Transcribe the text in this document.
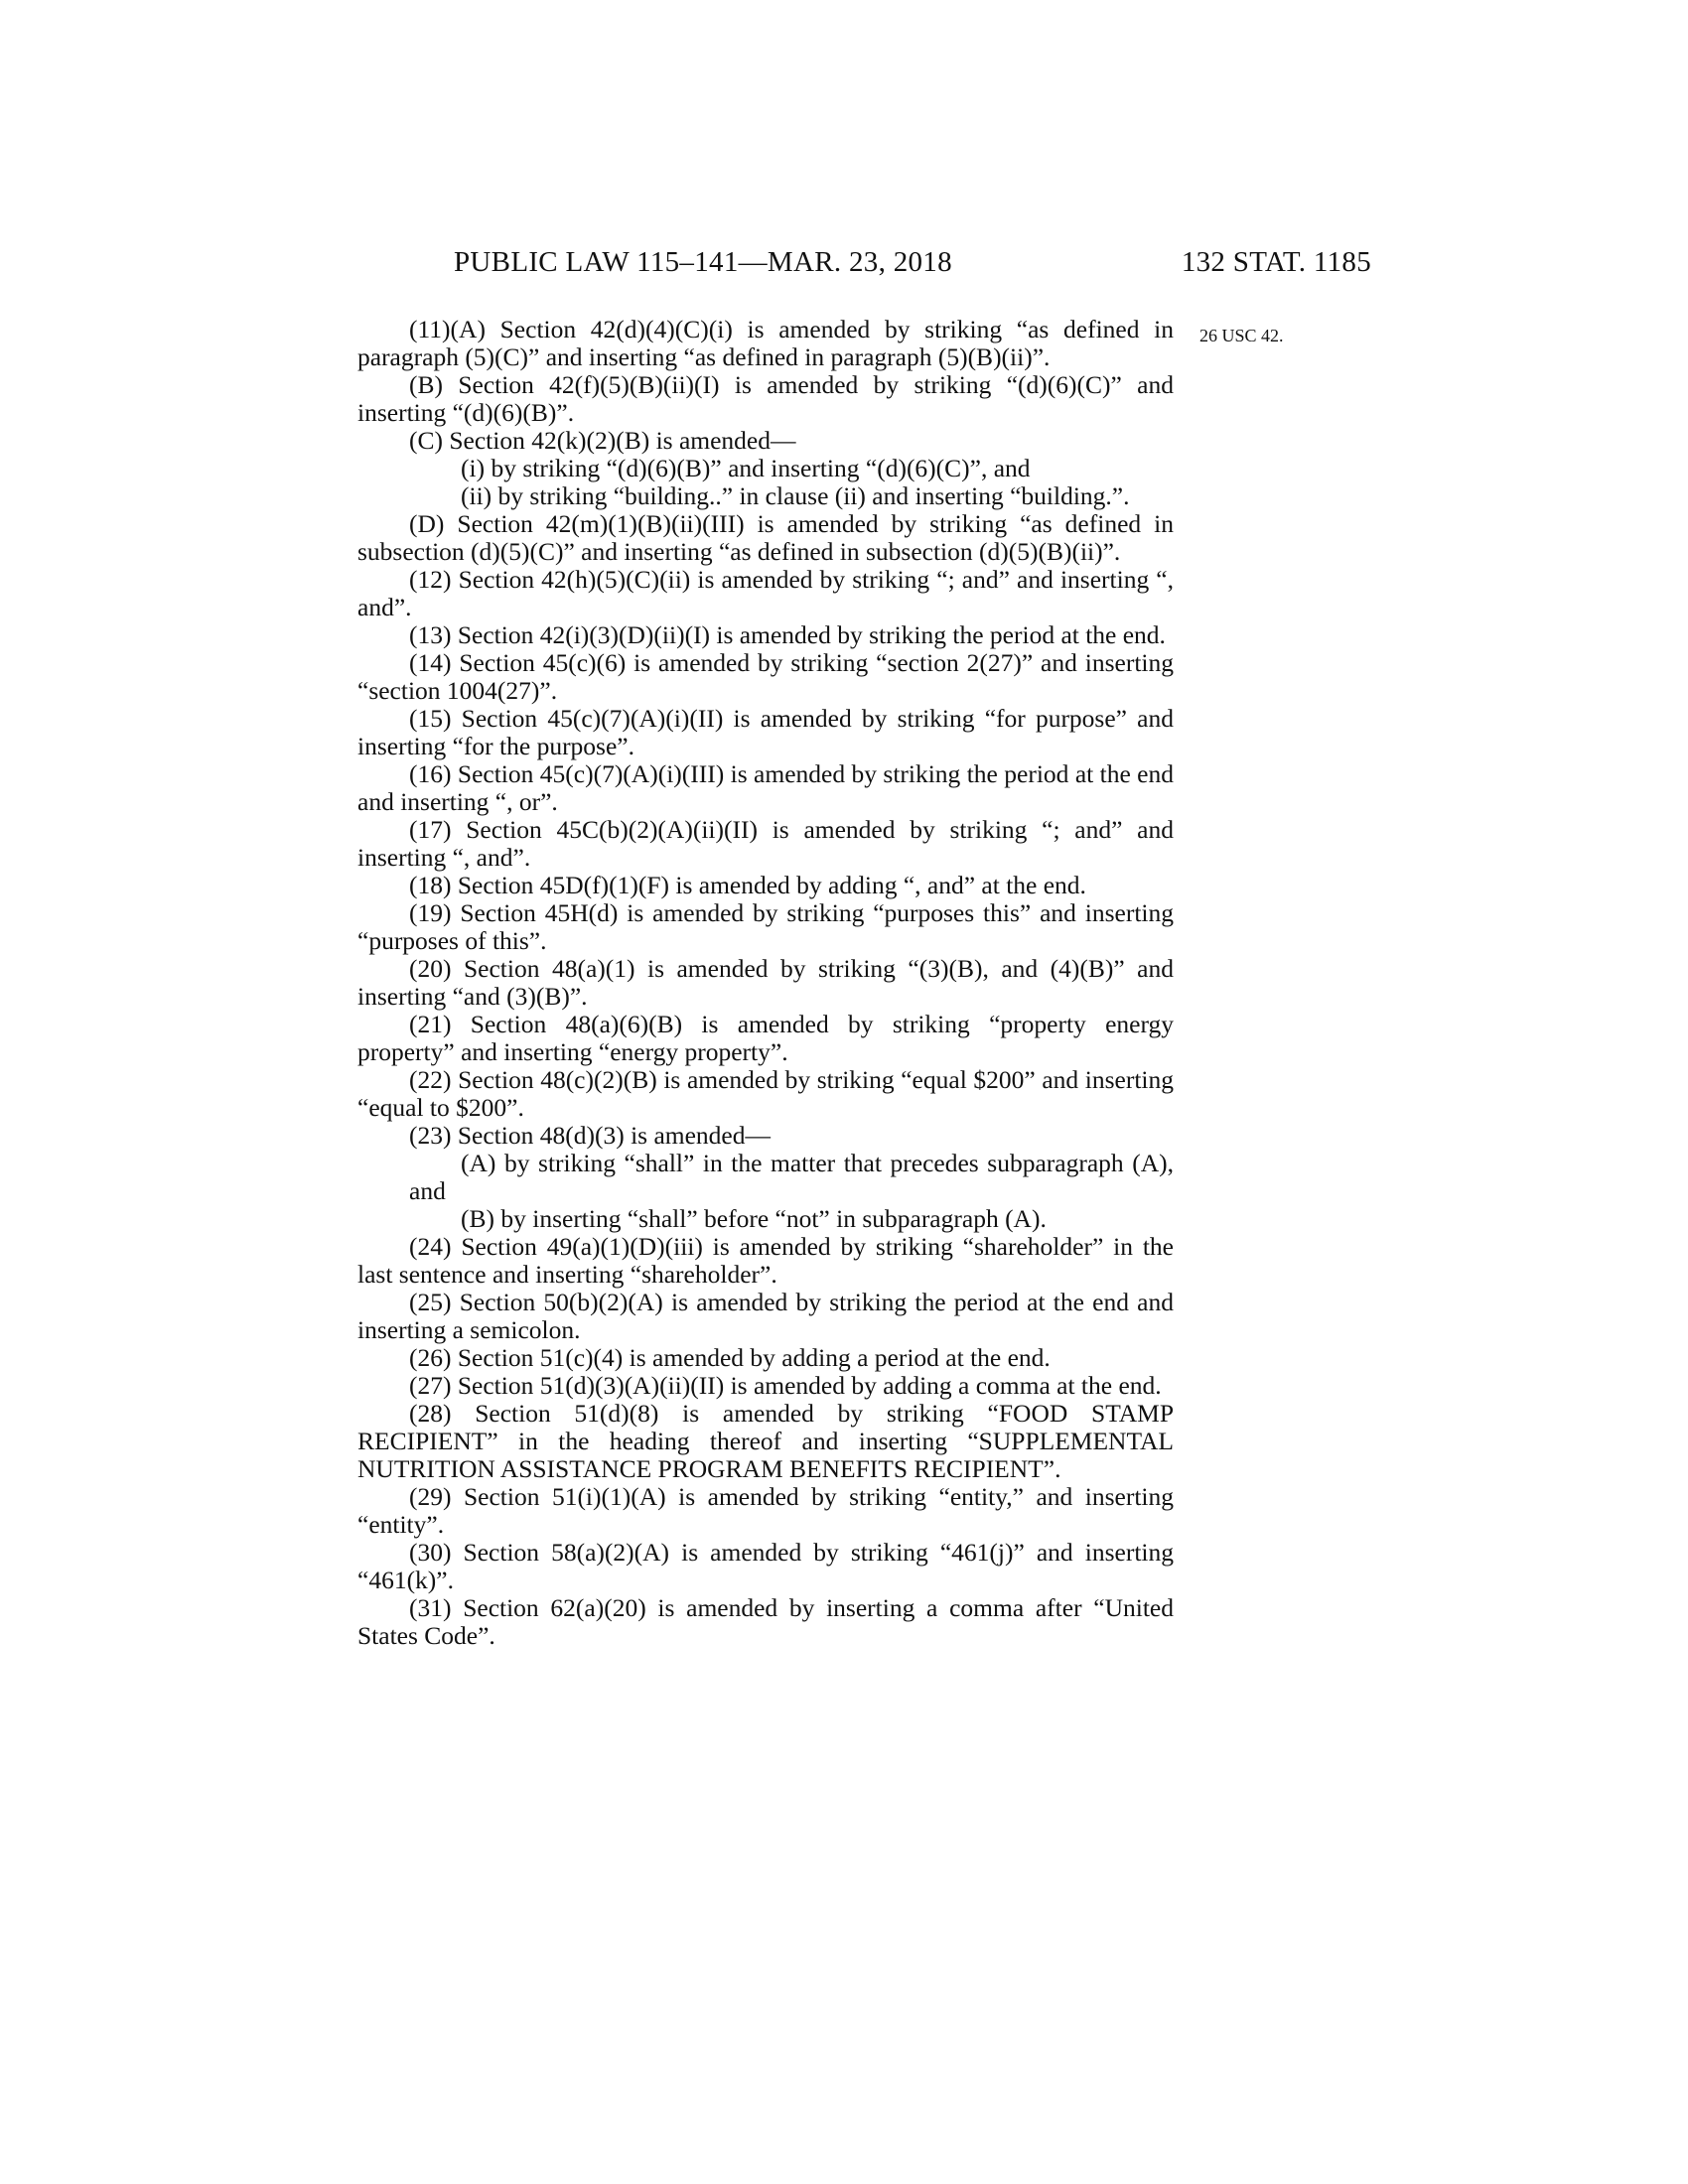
PUBLIC LAW 115–141—MAR. 23, 2018	132 STAT. 1185
26 USC 42.

(11)(A) Section 42(d)(4)(C)(i) is amended by striking “as defined in paragraph (5)(C)” and inserting “as defined in paragraph (5)(B)(ii)”.

(B) Section 42(f)(5)(B)(ii)(I) is amended by striking “(d)(6)(C)” and inserting “(d)(6)(B)”.

(C) Section 42(k)(2)(B) is amended—

(i) by striking “(d)(6)(B)” and inserting “(d)(6)(C)”, and

(ii) by striking “building..” in clause (ii) and inserting “building.”.

(D) Section 42(m)(1)(B)(ii)(III) is amended by striking “as defined in subsection (d)(5)(C)” and inserting “as defined in subsection (d)(5)(B)(ii)”.

(12) Section 42(h)(5)(C)(ii) is amended by striking “; and” and inserting “, and”.

(13) Section 42(i)(3)(D)(ii)(I) is amended by striking the period at the end.

(14) Section 45(c)(6) is amended by striking “section 2(27)” and inserting “section 1004(27)”.

(15) Section 45(c)(7)(A)(i)(II) is amended by striking “for purpose” and inserting “for the purpose”.

(16) Section 45(c)(7)(A)(i)(III) is amended by striking the period at the end and inserting “, or”.

(17) Section 45C(b)(2)(A)(ii)(II) is amended by striking “; and” and inserting “, and”.

(18) Section 45D(f)(1)(F) is amended by adding “, and” at the end.

(19) Section 45H(d) is amended by striking “purposes this” and inserting “purposes of this”.

(20) Section 48(a)(1) is amended by striking “(3)(B), and (4)(B)” and inserting “and (3)(B)”.

(21) Section 48(a)(6)(B) is amended by striking “property energy property” and inserting “energy property”.

(22) Section 48(c)(2)(B) is amended by striking “equal $200” and inserting “equal to $200”.

(23) Section 48(d)(3) is amended—

(A) by striking “shall” in the matter that precedes subparagraph (A), and

(B) by inserting “shall” before “not” in subparagraph (A).

(24) Section 49(a)(1)(D)(iii) is amended by striking “shareholder” in the last sentence and inserting “shareholder”.

(25) Section 50(b)(2)(A) is amended by striking the period at the end and inserting a semicolon.

(26) Section 51(c)(4) is amended by adding a period at the end.

(27) Section 51(d)(3)(A)(ii)(II) is amended by adding a comma at the end.

(28) Section 51(d)(8) is amended by striking “FOOD STAMP RECIPIENT” in the heading thereof and inserting “SUPPLEMENTAL NUTRITION ASSISTANCE PROGRAM BENEFITS RECIPIENT”.

(29) Section 51(i)(1)(A) is amended by striking “entity,” and inserting “entity”.

(30) Section 58(a)(2)(A) is amended by striking “461(j)” and inserting “461(k)”.

(31) Section 62(a)(20) is amended by inserting a comma after “United States Code”.
